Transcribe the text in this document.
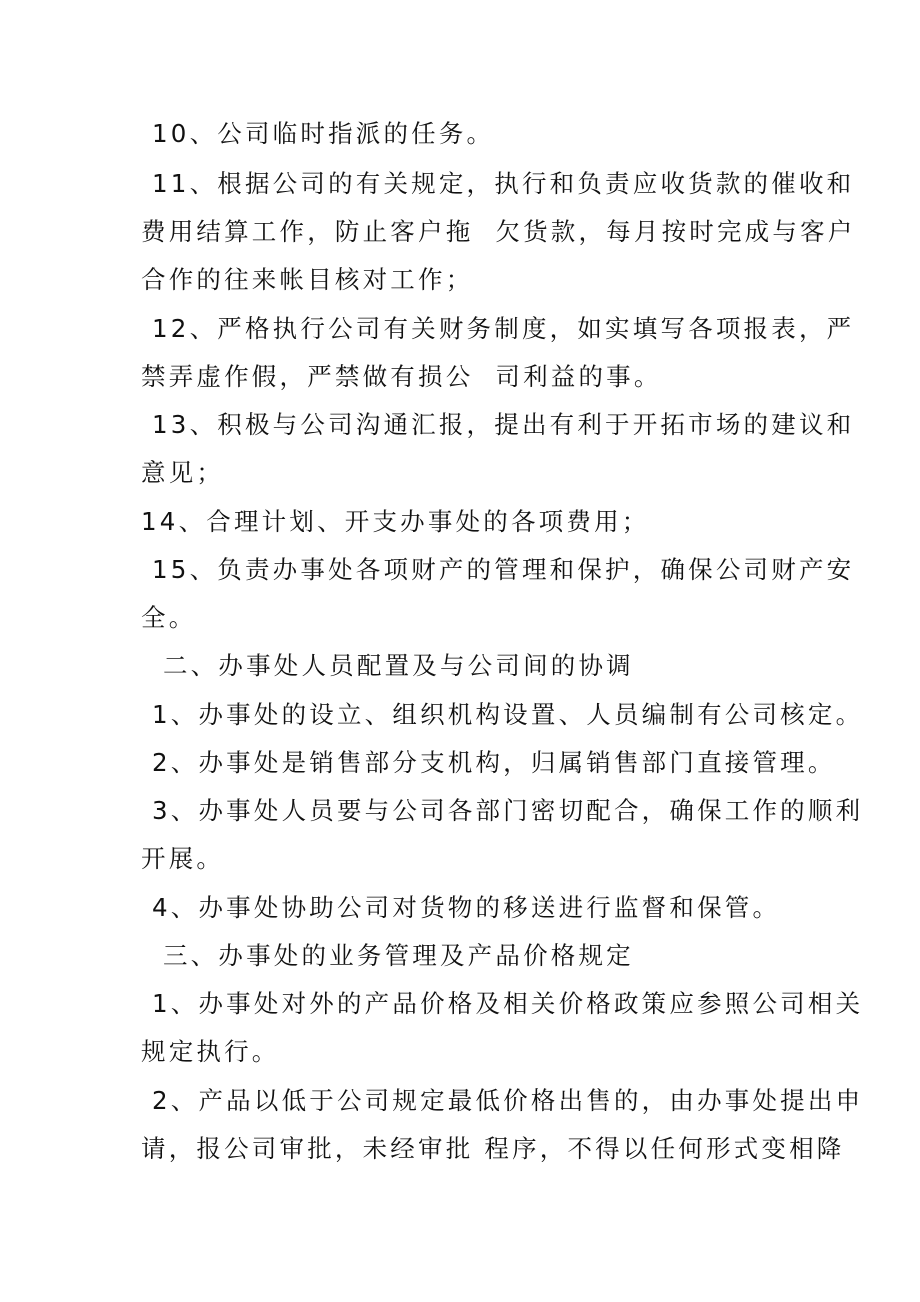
10、公司临时指派的任务。
11、根据公司的有关规定，执行和负责应收货款的催收和
费用结算工作，防止客户拖  欠货款，每月按时完成与客户
合作的往来帐目核对工作；
12、严格执行公司有关财务制度，如实填写各项报表，严
禁弄虚作假，严禁做有损公  司利益的事。
13、积极与公司沟通汇报，提出有利于开拓市场的建议和
意见；
14、合理计划、开支办事处的各项费用；
15、负责办事处各项财产的管理和保护，确保公司财产安
全。
二、办事处人员配置及与公司间的协调
1、办事处的设立、组织机构设置、人员编制有公司核定。
2、办事处是销售部分支机构，归属销售部门直接管理。
3、办事处人员要与公司各部门密切配合，确保工作的顺利
开展。
4、办事处协助公司对货物的移送进行监督和保管。
三、办事处的业务管理及产品价格规定
1、办事处对外的产品价格及相关价格政策应参照公司相关
规定执行。
2、产品以低于公司规定最低价格出售的，由办事处提出申
请，报公司审批，未经审批 程序，不得以任何形式变相降
